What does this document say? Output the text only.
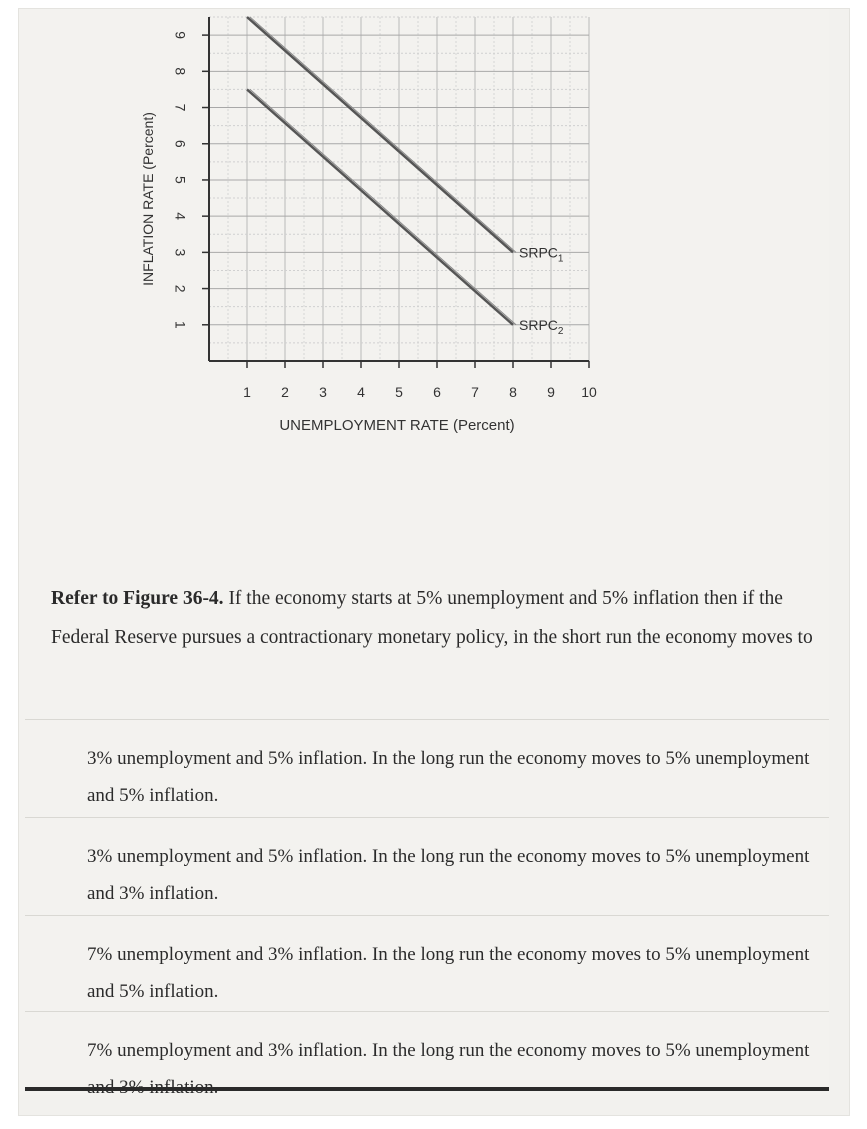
1
2
3
4
5
6
7
8
9
1 2 3 4 5 6 7 8 9 10
UNEMPLOYMENT RATE (Percent)
INFLATION RATE (Percent)	$SRPC_1$
$SRPC_2$
Refer to Figure 36-4. If the economy starts at 5% unemployment and 5% inflation then if the Federal Reserve pursues a contractionary monetary policy, in the short run the economy moves to
3% unemployment and 5% inflation. In the long run the economy moves to 5% unemployment and 5% inflation.
3% unemployment and 5% inflation. In the long run the economy moves to 5% unemployment and 3% inflation.
7% unemployment and 3% inflation. In the long run the economy moves to 5% unemployment and 5% inflation.
7% unemployment and 3% inflation. In the long run the economy moves to 5% unemployment
